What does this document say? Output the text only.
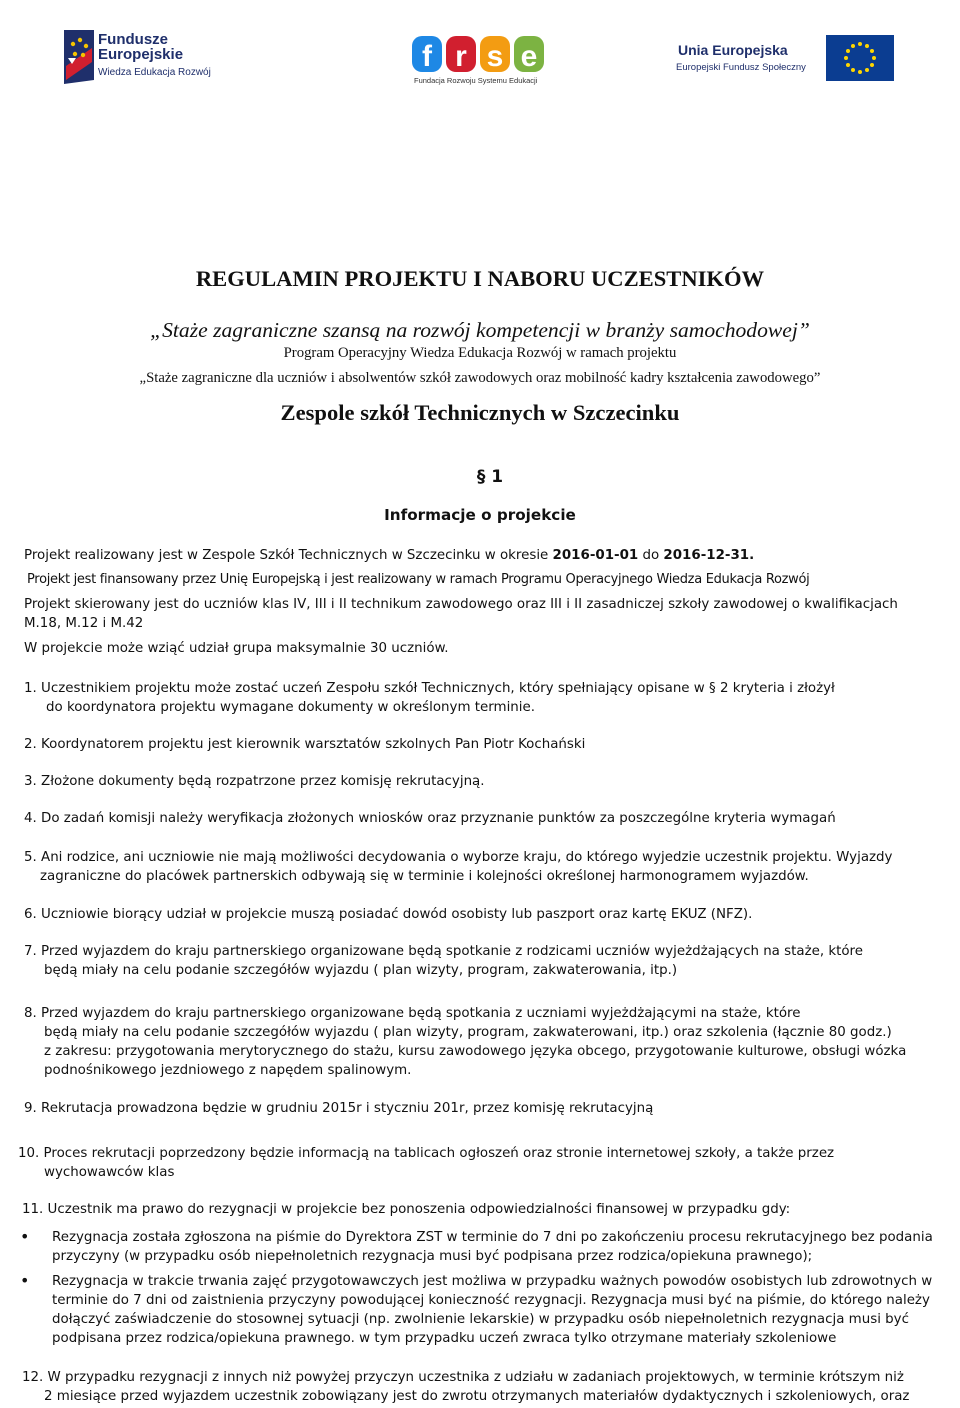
Fundusze
Europejskie
Wiedza Edukacja Rozwój	f r s e
Fundacja Rozwoju Systemu Edukacji
Unia Europejska
Europejski Fundusz Społeczny
REGULAMIN PROJEKTU I NABORU UCZESTNIKÓW
„Staże zagraniczne szansą na rozwój kompetencji w branży samochodowej”
Program Operacyjny Wiedza Edukacja Rozwój w ramach projektu
„Staże zagraniczne dla uczniów i absolwentów szkół zawodowych oraz mobilność kadry kształcenia zawodowego”
Zespole szkół Technicznych w Szczecinku
§ 1
Informacje o projekcie
Projekt realizowany jest w Zespole Szkół Technicznych w Szczecinku w okresie 2016-01-01 do 2016-12-31.
Projekt jest finansowany przez Unię Europejską i jest realizowany w ramach Programu Operacyjnego Wiedza Edukacja Rozwój
Projekt skierowany jest do uczniów klas IV, III i II technikum zawodowego oraz III i II zasadniczej szkoły zawodowej o kwalifikacjach
M.18, M.12 i M.42
W projekcie może wziąć udział grupa maksymalnie 30 uczniów.
1. Uczestnikiem projektu może zostać uczeń Zespołu szkół Technicznych, który spełniający opisane w § 2 kryteria i złożył
do koordynatora projektu wymagane dokumenty w określonym terminie.
2. Koordynatorem projektu jest kierownik warsztatów szkolnych Pan Piotr Kochański
3. Złożone dokumenty będą rozpatrzone przez komisję rekrutacyjną.
4. Do zadań komisji należy weryfikacja złożonych wniosków oraz przyznanie punktów za poszczególne kryteria wymagań
5. Ani rodzice, ani uczniowie nie mają możliwości decydowania o wyborze kraju, do którego wyjedzie uczestnik projektu. Wyjazdy
zagraniczne do placówek partnerskich odbywają się w terminie i kolejności określonej harmonogramem wyjazdów.
6. Uczniowie biorący udział w projekcie muszą posiadać dowód osobisty lub paszport oraz kartę EKUZ (NFZ).
7. Przed wyjazdem do kraju partnerskiego organizowane będą spotkanie z rodzicami uczniów wyjeżdżających na staże, które
będą miały na celu podanie szczegółów wyjazdu ( plan wizyty, program, zakwaterowania, itp.)
8. Przed wyjazdem do kraju partnerskiego organizowane będą spotkania z uczniami wyjeżdżającymi na staże, które
będą miały na celu podanie szczegółów wyjazdu ( plan wizyty, program, zakwaterowani, itp.) oraz szkolenia (łącznie 80 godz.)
z zakresu: przygotowania merytorycznego do stażu, kursu zawodowego języka obcego, przygotowanie kulturowe, obsługi wózka
podnośnikowego jezdniowego z napędem spalinowym.
9. Rekrutacja prowadzona będzie w grudniu 2015r i styczniu 201r, przez komisję rekrutacyjną
10. Proces rekrutacji poprzedzony będzie informacją na tablicach ogłoszeń oraz stronie internetowej szkoły, a także przez
wychowawców klas
11. Uczestnik ma prawo do rezygnacji w projekcie bez ponoszenia odpowiedzialności finansowej w przypadku gdy:
• Rezygnacja została zgłoszona na piśmie do Dyrektora ZST w terminie do 7 dni po zakończeniu procesu rekrutacyjnego bez podania
przyczyny (w przypadku osób niepełnoletnich rezygnacja musi być podpisana przez rodzica/opiekuna prawnego);
• Rezygnacja w trakcie trwania zajęć przygotowawczych jest możliwa w przypadku ważnych powodów osobistych lub zdrowotnych w
terminie do 7 dni od zaistnienia przyczyny powodującej konieczność rezygnacji. Rezygnacja musi być na piśmie, do którego należy
dołączyć zaświadczenie do stosownej sytuacji (np. zwolnienie lekarskie) w przypadku osób niepełnoletnich rezygnacja musi być
podpisana przez rodzica/opiekuna prawnego. w tym przypadku uczeń zwraca tylko otrzymane materiały szkoleniowe
12. W przypadku rezygnacji z innych niż powyżej przyczyn uczestnika z udziału w zadaniach projektowych, w terminie krótszym niż
2 miesiące przed wyjazdem uczestnik zobowiązany jest do zwrotu otrzymanych materiałów dydaktycznych i szkoleniowych, oraz
